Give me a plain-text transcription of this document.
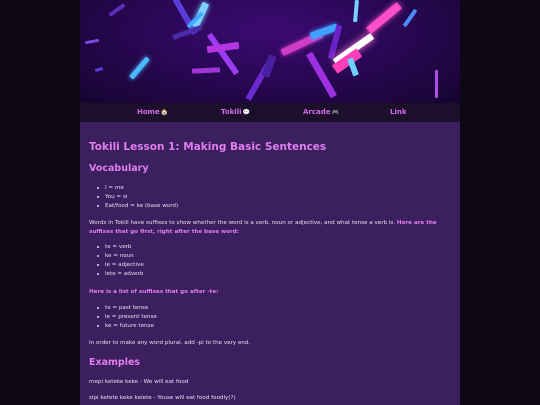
Home🏠	Tokili💬	Arcade🎮	Link
Tokili Lesson 1: Making Basic Sentences
Vocabulary
I = me
You = si
Eat/food = ke (base word)
Words in Tokili have suffixes to show whether the word is a verb, noun or adjective, and what tense a verb is. Here are the suffixes that go first, right after the base word:
te = verb
ke = noun
le = adjective
lete = adverb
Here is a list of suffixes that go after -te:
te = past tense
le = present tense
ke = future tense
In order to make any word plural, add -pi to the very end.
Examples
mepi keteke keke - We will eat food
sipi ketete keke kelete - Youse will eat food foodly(?)
